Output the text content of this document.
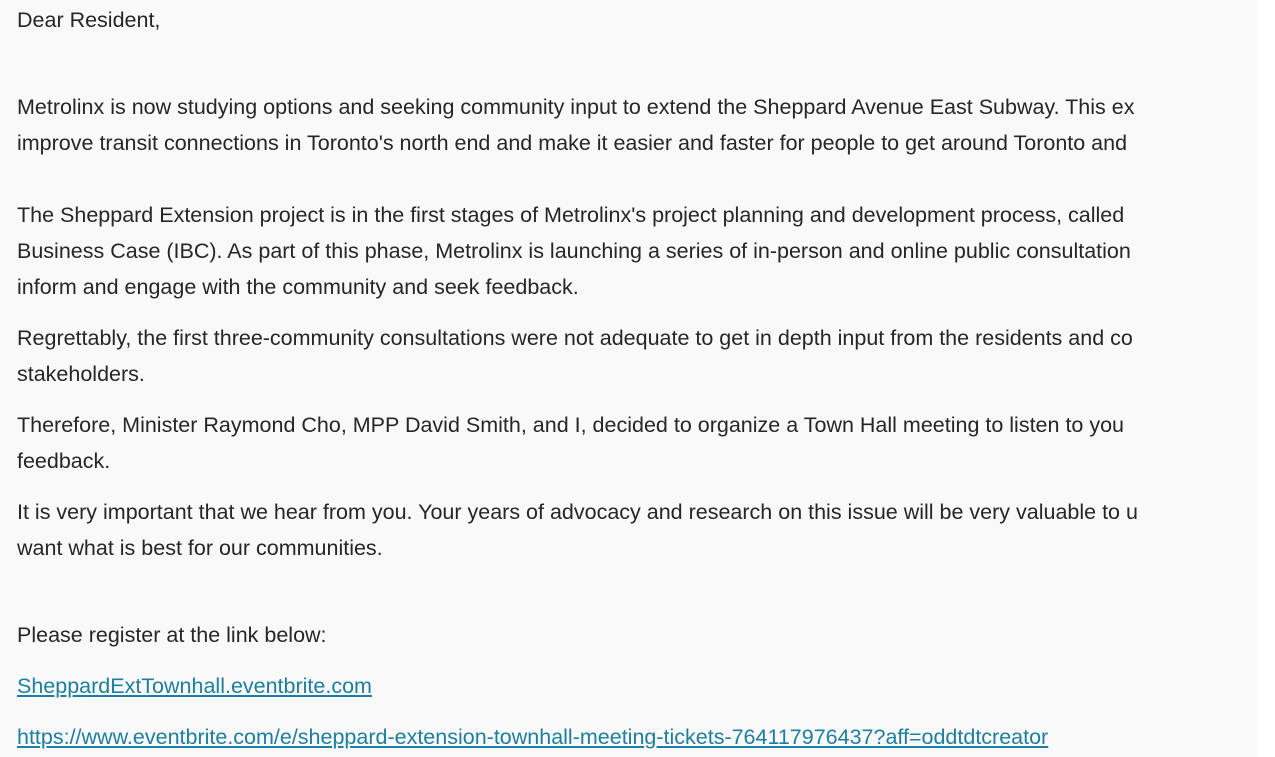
Dear Resident,
Metrolinx is now studying options and seeking community input to extend the Sheppard Avenue East Subway. This ex
improve transit connections in Toronto's north end and make it easier and faster for people to get around Toronto and
The Sheppard Extension project is in the first stages of Metrolinx's project planning and development process, called
Business Case (IBC). As part of this phase, Metrolinx is launching a series of in-person and online public consultation
inform and engage with the community and seek feedback.
Regrettably, the first three-community consultations were not adequate to get in depth input from the residents and co
stakeholders.
Therefore, Minister Raymond Cho, MPP David Smith, and I, decided to organize a Town Hall meeting to listen to you
feedback.
It is very important that we hear from you. Your years of advocacy and research on this issue will be very valuable to u
want what is best for our communities.
Please register at the link below:
SheppardExtTownhall.eventbrite.com
https://www.eventbrite.com/e/sheppard-extension-townhall-meeting-tickets-764117976437?aff=oddtdtcreator
